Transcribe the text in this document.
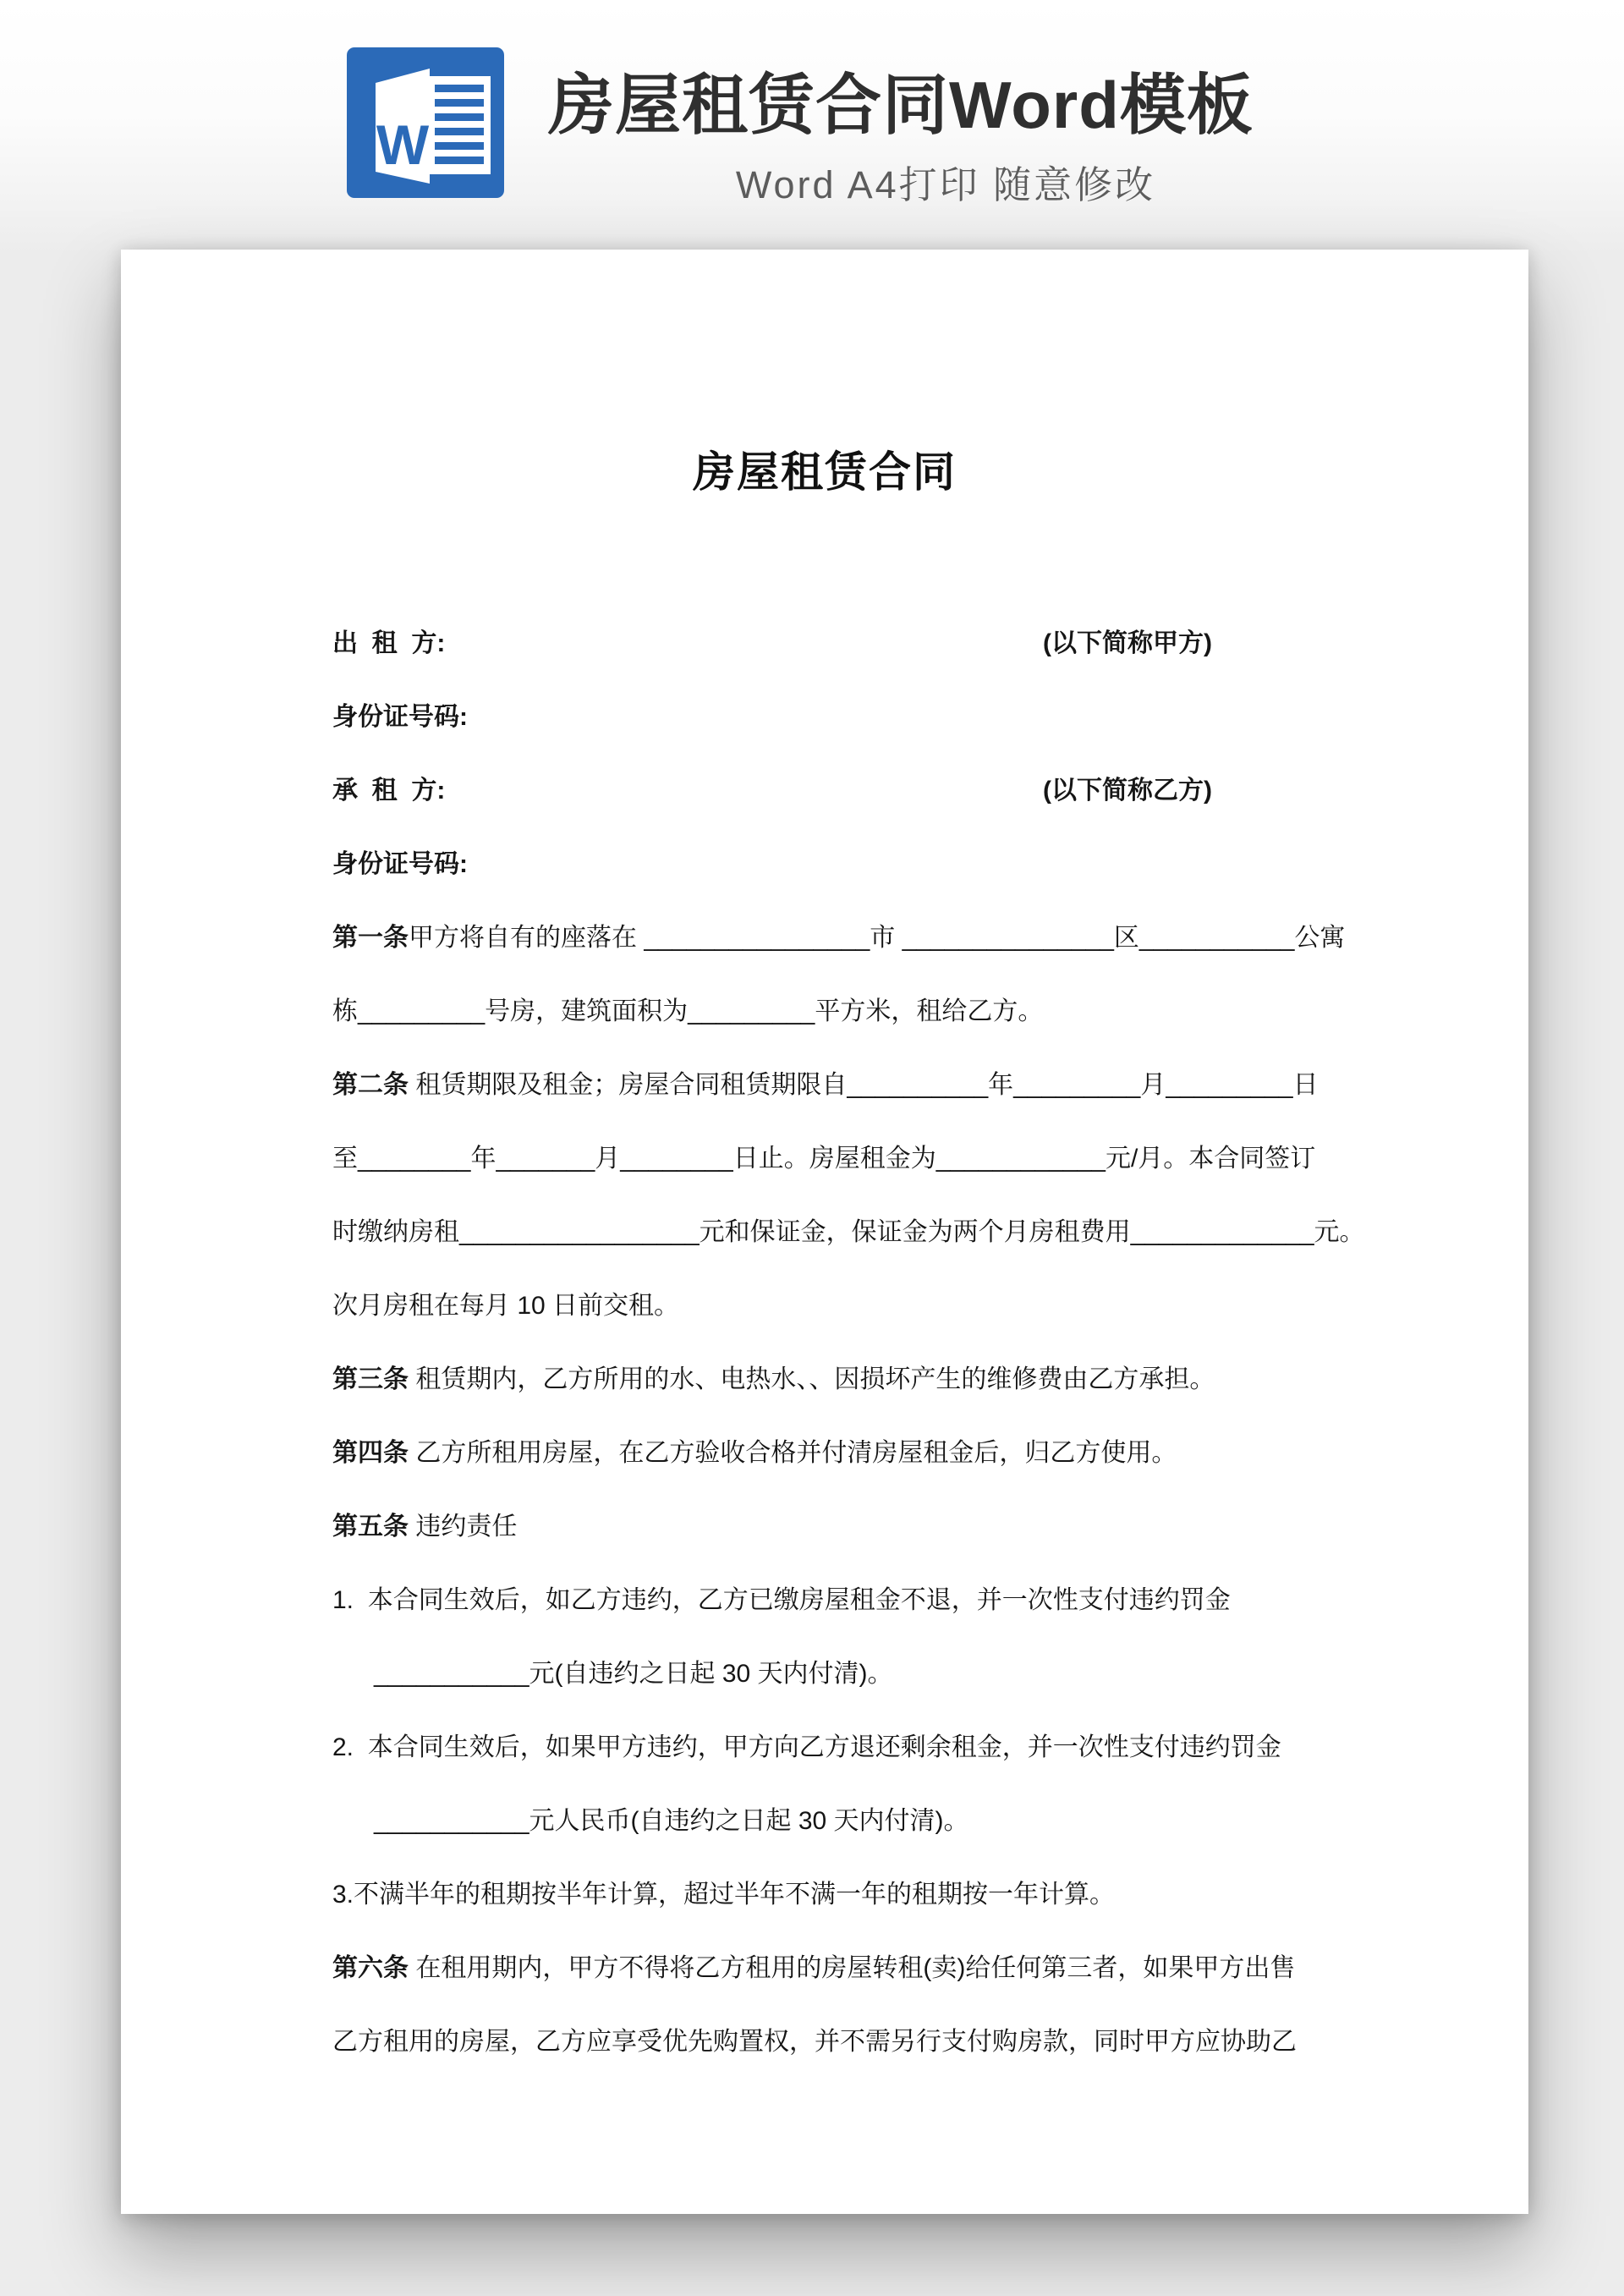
W
房屋租赁合同Word模板
Word A4打印 随意修改
房屋租赁合同
出  租  方:	(以下简称甲方)
身份证号码:
承  租  方:	(以下简称乙方)
身份证号码:
第一条甲方将自有的座落在 ________________市 _______________区___________公寓
栋_________号房，建筑面积为_________平方米，租给乙方。
第二条 租赁期限及租金；房屋合同租赁期限自__________年_________月_________日
至________年_______月________日止。房屋租金为____________元/月。本合同签订
时缴纳房租_________________元和保证金，保证金为两个月房租费用_____________元。
次月房租在每月 10 日前交租。
第三条 租赁期内，乙方所用的水、电热水、、因损坏产生的维修费由乙方承担。
第四条 乙方所租用房屋，在乙方验收合格并付清房屋租金后，归乙方使用。
第五条 违约责任
1.  本合同生效后，如乙方违约，乙方已缴房屋租金不退，并一次性支付违约罚金
___________元(自违约之日起 30 天内付清)。
2.  本合同生效后，如果甲方违约，甲方向乙方退还剩余租金，并一次性支付违约罚金
___________元人民币(自违约之日起 30 天内付清)。
3.不满半年的租期按半年计算，超过半年不满一年的租期按一年计算。
第六条 在租用期内，甲方不得将乙方租用的房屋转租(卖)给任何第三者，如果甲方出售
乙方租用的房屋，乙方应享受优先购置权，并不需另行支付购房款，同时甲方应协助乙
